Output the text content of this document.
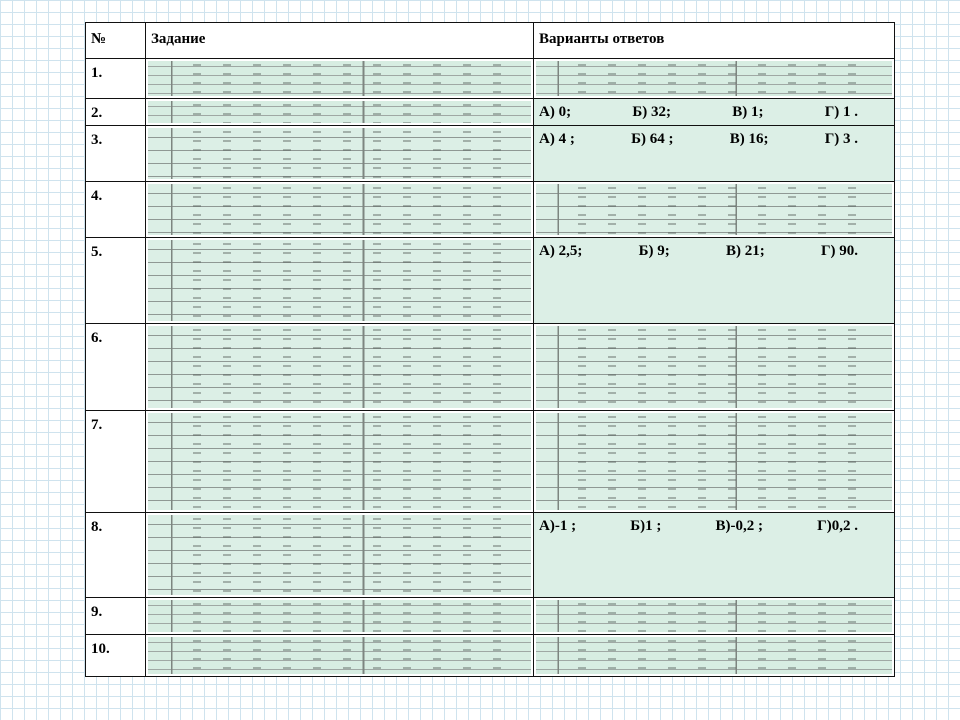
№	Задание	Варианты ответов
1.	

2.		А) 0; Б) 32; В) 1; Г) 1 .

3.		А) 4 ; Б) 64 ; В) 16; Г) 3 .

4.	

5.		А) 2,5; Б) 9; В) 21; Г) 90.

6.	

7.	

8.		А)-1 ; Б)1 ; В)-0,2 ; Г)0,2 .

9.	

10.	
